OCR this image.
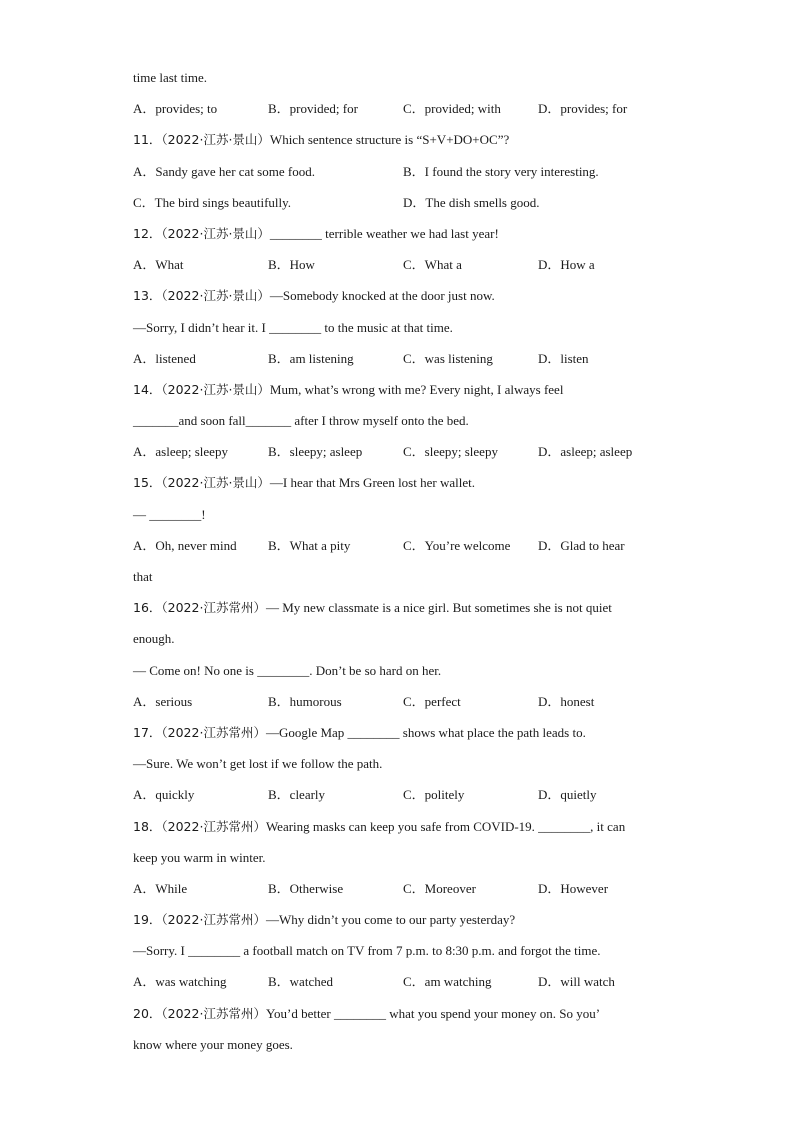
time last time.
A．provides; to	B．provided; for	C．provided; with	D．provides; for
11．（2022·江苏·景山）Which sentence structure is “S+V+DO+OC”?
A．Sandy gave her cat some food.	B．I found the story very interesting.
C．The bird sings beautifully.	D．The dish smells good.
12．（2022·江苏·景山）________ terrible weather we had last year!
A．What	B．How	C．What a	D．How a
13．（2022·江苏·景山）—Somebody knocked at the door just now.
—Sorry, I didn’t hear it. I ________ to the music at that time.
A．listened	B．am listening	C．was listening	D．listen
14．（2022·江苏·景山）Mum, what’s wrong with me? Every night, I always feel
_______and soon fall_______ after I throw myself onto the bed.
A．asleep; sleepy	B．sleepy; asleep	C．sleepy; sleepy	D．asleep; asleep
15．（2022·江苏·景山）—I hear that Mrs Green lost her wallet.
— ________!
A．Oh, never mind	B．What a pity	C．You’re welcome	D．Glad to hear
that
16．（2022·江苏常州）— My new classmate is a nice girl. But sometimes she is not quiet
enough.
— Come on! No one is ________. Don’t be so hard on her.
A．serious	B．humorous	C．perfect	D．honest
17．（2022·江苏常州）—Google Map ________ shows what place the path leads to.
—Sure. We won’t get lost if we follow the path.
A．quickly	B．clearly	C．politely	D．quietly
18．（2022·江苏常州）Wearing masks can keep you safe from COVID-19. ________, it can
keep you warm in winter.
A．While	B．Otherwise	C．Moreover	D．However
19．（2022·江苏常州）—Why didn’t you come to our party yesterday?
—Sorry. I ________ a football match on TV from 7 p.m. to 8:30 p.m. and forgot the time.
A．was watching	B．watched	C．am watching	D．will watch
20．（2022·江苏常州）You’d better ________ what you spend your money on. So you’
know where your money goes.
